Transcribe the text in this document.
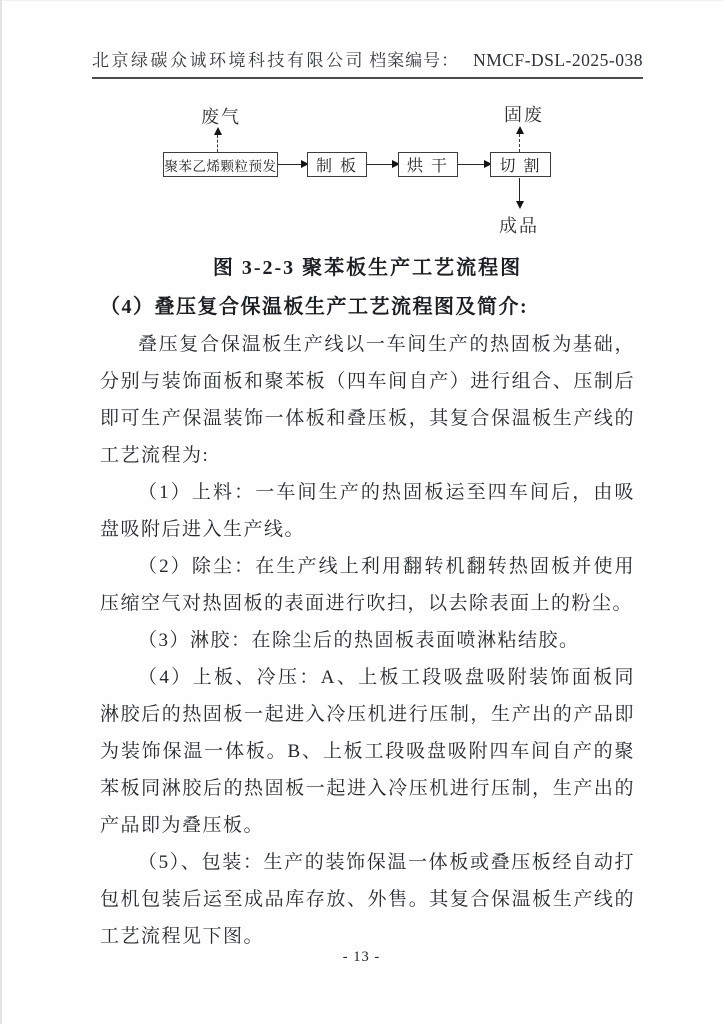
北京绿碳众诚环境科技有限公司 档案编号： NMCF-DSL-2025-038
废气	固废
聚苯乙烯颗粒预发	制 板	烘 干	切 割
成品
图 3-2-3 聚苯板生产工艺流程图
（4）叠压复合保温板生产工艺流程图及简介:

叠压复合保温板生产线以一车间生产的热固板为基础，分别与装饰面板和聚苯板（四车间自产）进行组合、压制后即可生产保温装饰一体板和叠压板，其复合保温板生产线的工艺流程为:

（1）上料：一车间生产的热固板运至四车间后，由吸盘吸附后进入生产线。

（2）除尘：在生产线上利用翻转机翻转热固板并使用压缩空气对热固板的表面进行吹扫，以去除表面上的粉尘。

（3）淋胶：在除尘后的热固板表面喷淋粘结胶。

（4）上板、冷压：A、上板工段吸盘吸附装饰面板同淋胶后的热固板一起进入冷压机进行压制，生产出的产品即为装饰保温一体板。B、上板工段吸盘吸附四车间自产的聚苯板同淋胶后的热固板一起进入冷压机进行压制，生产出的产品即为叠压板。

（5）、包装：生产的装饰保温一体板或叠压板经自动打包机包装后运至成品库存放、外售。其复合保温板生产线的工艺流程见下图。

- 13 -
